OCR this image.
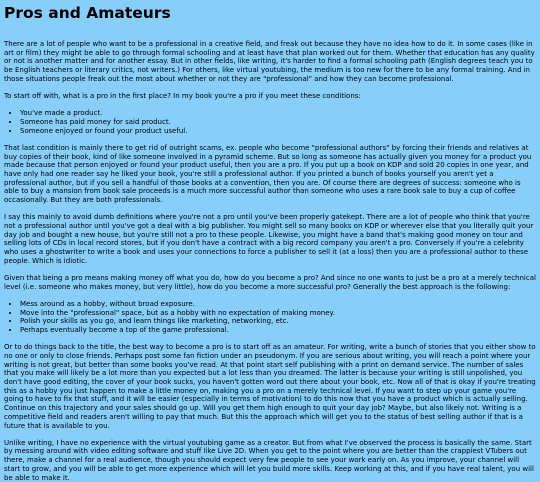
Pros and Amateurs

There are a lot of people who want to be a professional in a creative field, and freak out because they have no idea how to do it. In some cases (like in art or film) they might be able to go through formal schooling and at least have that plan worked out for them. Whether that education has any quality or not is another matter and for another essay. But in other fields, like writing, it's harder to find a formal schooling path (English degrees teach you to be English teachers or literary critics, not writers.) For others, like virtual youtubing, the medium is too new for there to be any formal training. And in those situations people freak out the most about whether or not they are "professional" and how they can become professional.

To start off with, what is a pro in the first place? In my book you're a pro if you meet these conditions:

• You've made a product.
• Someone has paid money for said product.
• Someone enjoyed or found your product useful.

That last condition is mainly there to get rid of outright scams, ex. people who become "professional authors" by forcing their friends and relatives at buy copies of their book, kind of like someone involved in a pyramid scheme. But so long as someone has actually given you money for a product you made because that person enjoyed or found your product useful, then you are a pro. If you put up a book on KDP and sold 20 copies in one year, and have only had one reader say he liked your book, you're still a professional author. If you printed a bunch of books yourself you aren't yet a professional author, but if you sell a handful of those books at a convention, then you are. Of course there are degrees of success: someone who is able to buy a mansion from book sale proceeds is a much more successful author than someone who uses a rare book sale to buy a cup of coffee occasionally. But they are both professionals.

I say this mainly to avoid dumb definitions where you're not a pro until you've been properly gatekept. There are a lot of people who think that you're not a professional author until you've got a deal with a big publisher. You might sell so many books on KDP or wherever else that you literally quit your day job and bought a new house, but you're still not a pro to these people. Likewise, you might have a band that's making good money on tour and selling lots of CDs in local record stores, but if you don't have a contract with a big record company you aren't a pro. Conversely if you're a celebrity who uses a ghostwriter to write a book and uses your connections to force a publisher to sell it (at a loss) then you are a professional author to these people. Which is idiotic.

Given that being a pro means making money off what you do, how do you become a pro? And since no one wants to just be a pro at a merely technical level (i.e. someone who makes money, but very little), how do you become a more successful pro? Generally the best approach is the following:

• Mess around as a hobby, without broad exposure.
• Move into the "professional" space, but as a hobby with no expectation of making money.
• Polish your skills as you go, and learn things like marketing, networking, etc.
• Perhaps eventually become a top of the game professional.

Or to do things back to the title, the best way to become a pro is to start off as an amateur. For writing, write a bunch of stories that you either show to no one or only to close friends. Perhaps post some fan fiction under an pseudonym. If you are serious about writing, you will reach a point where your writing is not great, but better than some books you've read. At that point start self publishing with a print on demand service. The number of sales that you make will likely be a lot more than you expected but a lot less than you dreamed. The latter is because your writing is still unpolished, you don't have good editing, the cover of your book sucks, you haven't gotten word out there about your book, etc. Now all of that is okay if you're treating this as a hobby you just happen to make a little money on, making you a pro on a merely technical level. If you want to step up your game you're going to have to fix that stuff, and it will be easier (especially in terms of motivation) to do this now that you have a product which is actually selling. Continue on this trajectory and your sales should go up. Will you get them high enough to quit your day job? Maybe, but also likely not. Writing is a competitive field and readers aren't willing to pay that much. But this the approach which will get you to the status of best selling author if that is a future that is available to you.

Unlike writing, I have no experience with the virtual youtubing game as a creator. But from what I've observed the process is basically the same. Start by messing around with video editing software and stuff like Live 2D. When you get to the point where you are better than the crappiest VTubers out there, make a channel for a real audience, though you should expect very few people to see your work early on. As you improve, your channel will start to grow, and you will be able to get more experience which will let you build more skills. Keep working at this, and if you have real talent, you will be able to make it.
